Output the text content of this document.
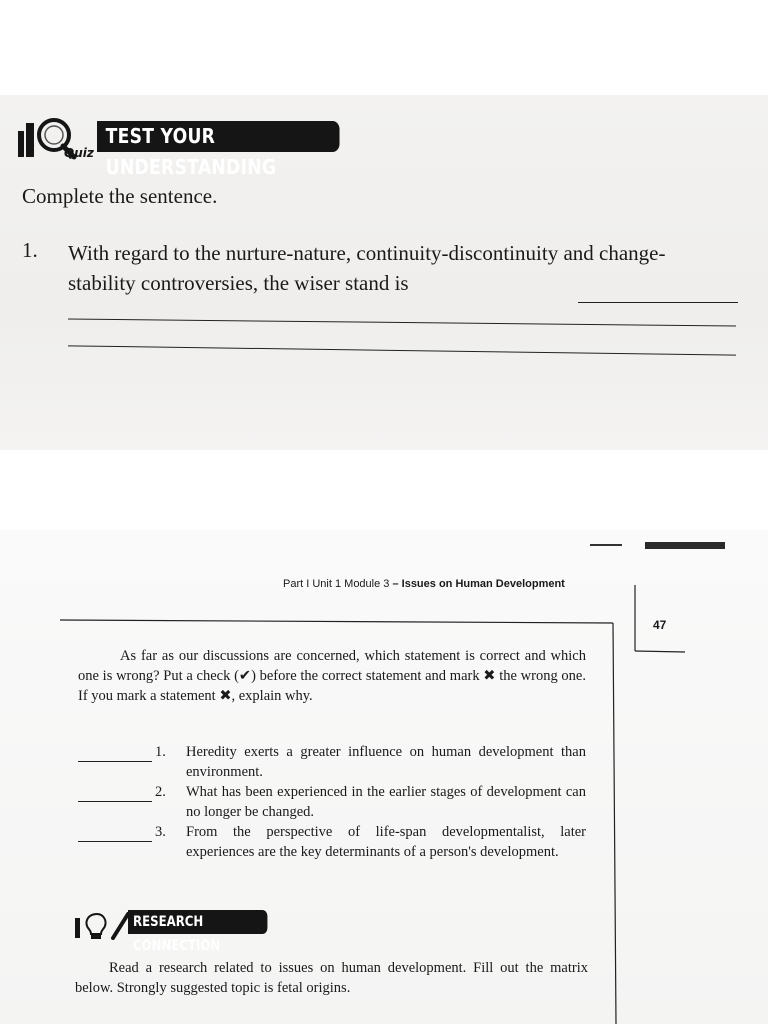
Quiz
TEST YOUR UNDERSTANDING
Complete the sentence.
1. With regard to the nurture-nature, continuity-discontinuity and change-stability controversies, the wiser stand is
Part I Unit 1 Module 3 – Issues on Human Development
47
As far as our discussions are concerned, which statement is correct and which one is wrong? Put a check (✔) before the correct statement and mark ✖ the wrong one. If you mark a statement ✖, explain why.
1. Heredity exerts a greater influence on human development than environment.
2. What has been experienced in the earlier stages of development can no longer be changed.
3. From the perspective of life-span developmentalist, later experiences are the key determinants of a person's development.
RESEARCH CONNECTION
Read a research related to issues on human development. Fill out the matrix below. Strongly suggested topic is fetal origins.
